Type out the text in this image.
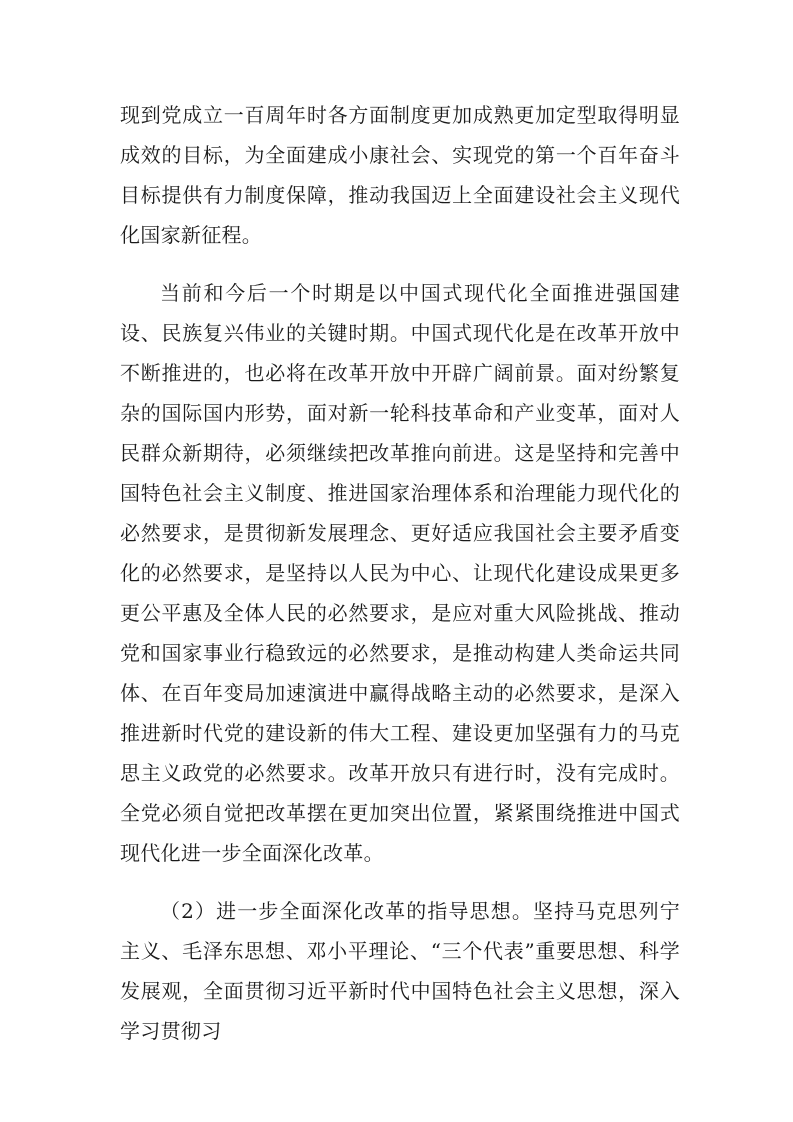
现到党成立一百周年时各方面制度更加成熟更加定型取得明显成效的目标，为全面建成小康社会、实现党的第一个百年奋斗目标提供有力制度保障，推动我国迈上全面建设社会主义现代化国家新征程。

当前和今后一个时期是以中国式现代化全面推进强国建设、民族复兴伟业的关键时期。中国式现代化是在改革开放中不断推进的，也必将在改革开放中开辟广阔前景。面对纷繁复杂的国际国内形势，面对新一轮科技革命和产业变革，面对人民群众新期待，必须继续把改革推向前进。这是坚持和完善中国特色社会主义制度、推进国家治理体系和治理能力现代化的必然要求，是贯彻新发展理念、更好适应我国社会主要矛盾变化的必然要求，是坚持以人民为中心、让现代化建设成果更多更公平惠及全体人民的必然要求，是应对重大风险挑战、推动党和国家事业行稳致远的必然要求，是推动构建人类命运共同体、在百年变局加速演进中赢得战略主动的必然要求，是深入推进新时代党的建设新的伟大工程、建设更加坚强有力的马克思主义政党的必然要求。改革开放只有进行时，没有完成时。全党必须自觉把改革摆在更加突出位置，紧紧围绕推进中国式现代化进一步全面深化改革。

（2）进一步全面深化改革的指导思想。坚持马克思列宁主义、毛泽东思想、邓小平理论、“三个代表”重要思想、科学发展观，全面贯彻习近平新时代中国特色社会主义思想，深入学习贯彻习
